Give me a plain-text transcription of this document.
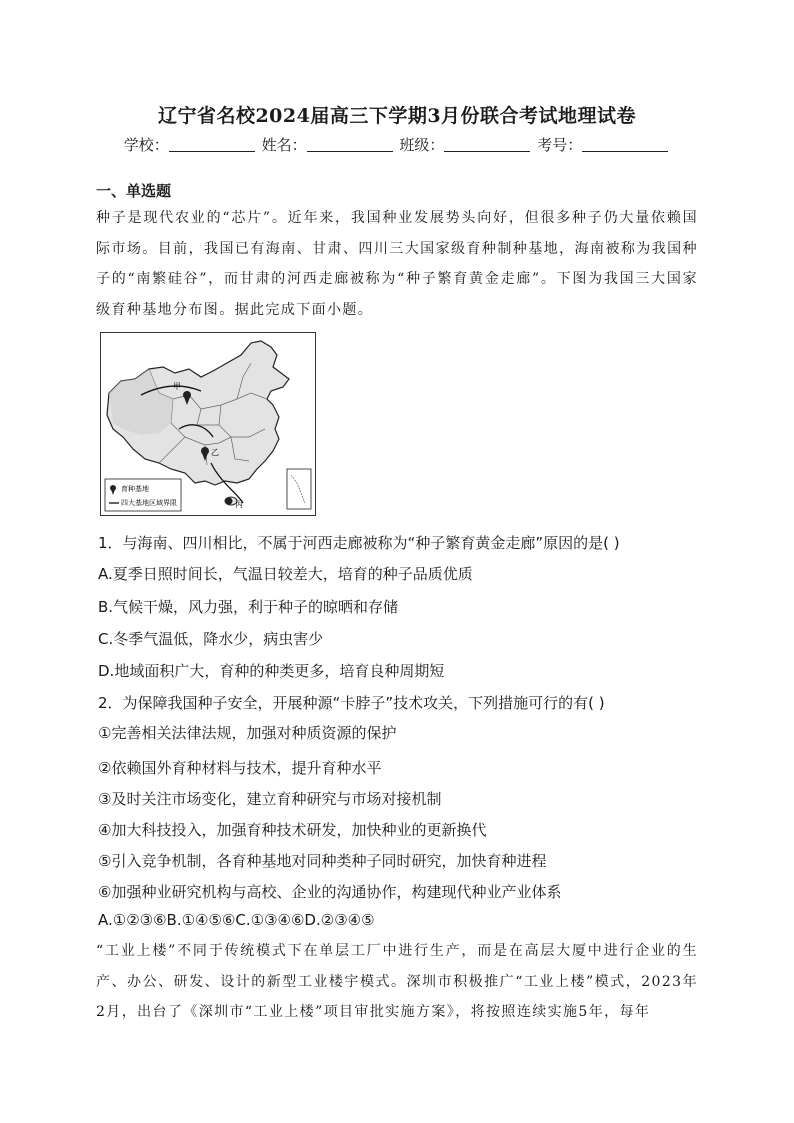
辽宁省名校2024届高三下学期3月份联合考试地理试卷
学校：	姓名：	班级：	考号：
一、单选题
种子是现代农业的“芯片”。近年来，我国种业发展势头向好，但很多种子仍大量依赖国际市场。目前，我国已有海南、甘肃、四川三大国家级育种制种基地，海南被称为我国种子的“南繁硅谷”，而甘肃的河西走廊被称为“种子繁育黄金走廊”。下图为我国三大国家级育种基地分布图。据此完成下面小题。
甲
乙
丙
育种基地
四大基地区域界限
1．与海南、四川相比，不属于河西走廊被称为“种子繁育黄金走廊”原因的是( )
A.夏季日照时间长，气温日较差大，培育的种子品质优质
B.气候干燥，风力强，利于种子的晾晒和存储
C.冬季气温低，降水少，病虫害少
D.地域面积广大，育种的种类更多，培育良种周期短
2．为保障我国种子安全，开展种源“卡脖子”技术攻关，下列措施可行的有( )
①完善相关法律法规，加强对种质资源的保护
②依赖国外育种材料与技术，提升育种水平
③及时关注市场变化，建立育种研究与市场对接机制
④加大科技投入，加强育种技术研发，加快种业的更新换代
⑤引入竞争机制，各育种基地对同种类种子同时研究，加快育种进程
⑥加强种业研究机构与高校、企业的沟通协作，构建现代种业产业体系
A.①②③⑥B.①④⑤⑥C.①③④⑥D.②③④⑤
“工业上楼”不同于传统模式下在单层工厂中进行生产，而是在高层大厦中进行企业的生产、办公、研发、设计的新型工业楼宇模式。深圳市积极推广“工业上楼”模式，2023年2月，出台了《深圳市“工业上楼”项目审批实施方案》，将按照连续实施5年，每年
